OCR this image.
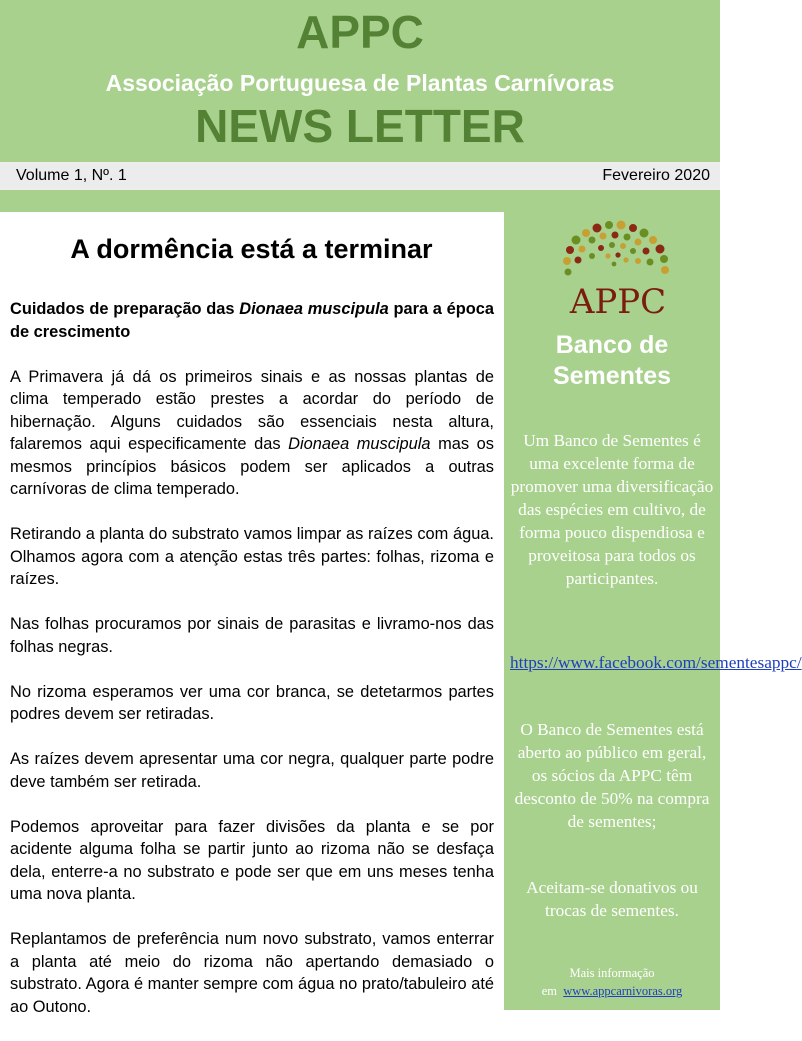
APPC
Associação Portuguesa de Plantas Carnívoras
NEWS LETTER
Volume 1, Nº. 1	Fevereiro 2020
A dormência está a terminar

Cuidados de preparação das Dionaea muscipula para a época de crescimento

A Primavera já dá os primeiros sinais e as nossas plantas de clima temperado estão prestes a acordar do período de hibernação. Alguns cuidados são essenciais nesta altura, falaremos aqui especificamente das Dionaea muscipula mas os mesmos princípios básicos podem ser aplicados a outras carnívoras de clima temperado.

Retirando a planta do substrato vamos limpar as raízes com água. Olhamos agora com a atenção estas três partes: folhas, rizoma e raízes.

Nas folhas procuramos por sinais de parasitas e livramo-nos das folhas negras.

No rizoma esperamos ver uma cor branca, se detetarmos partes podres devem ser retiradas.

As raízes devem apresentar uma cor negra, qualquer parte podre deve também ser retirada.

Podemos aproveitar para fazer divisões da planta e se por acidente alguma folha se partir junto ao rizoma não se desfaça dela, enterre-a no substrato e pode ser que em uns meses tenha uma nova planta.

Replantamos de preferência num novo substrato, vamos enterrar a planta até meio do rizoma não apertando demasiado o substrato. Agora é manter sempre com água no prato/tabuleiro até ao Outono.

APPC
Banco de Sementes
Um Banco de Sementes é uma excelente forma de promover uma diversificação das espécies em cultivo, de forma pouco dispendiosa e proveitosa para todos os participantes.
https://www.facebook.com/sementesappc/
O Banco de Sementes está aberto ao público em geral, os sócios da APPC têm desconto de 50% na compra de sementes;
Aceitam-se donativos ou trocas de sementes.
Mais informação
em www.appcarnivoras.org
